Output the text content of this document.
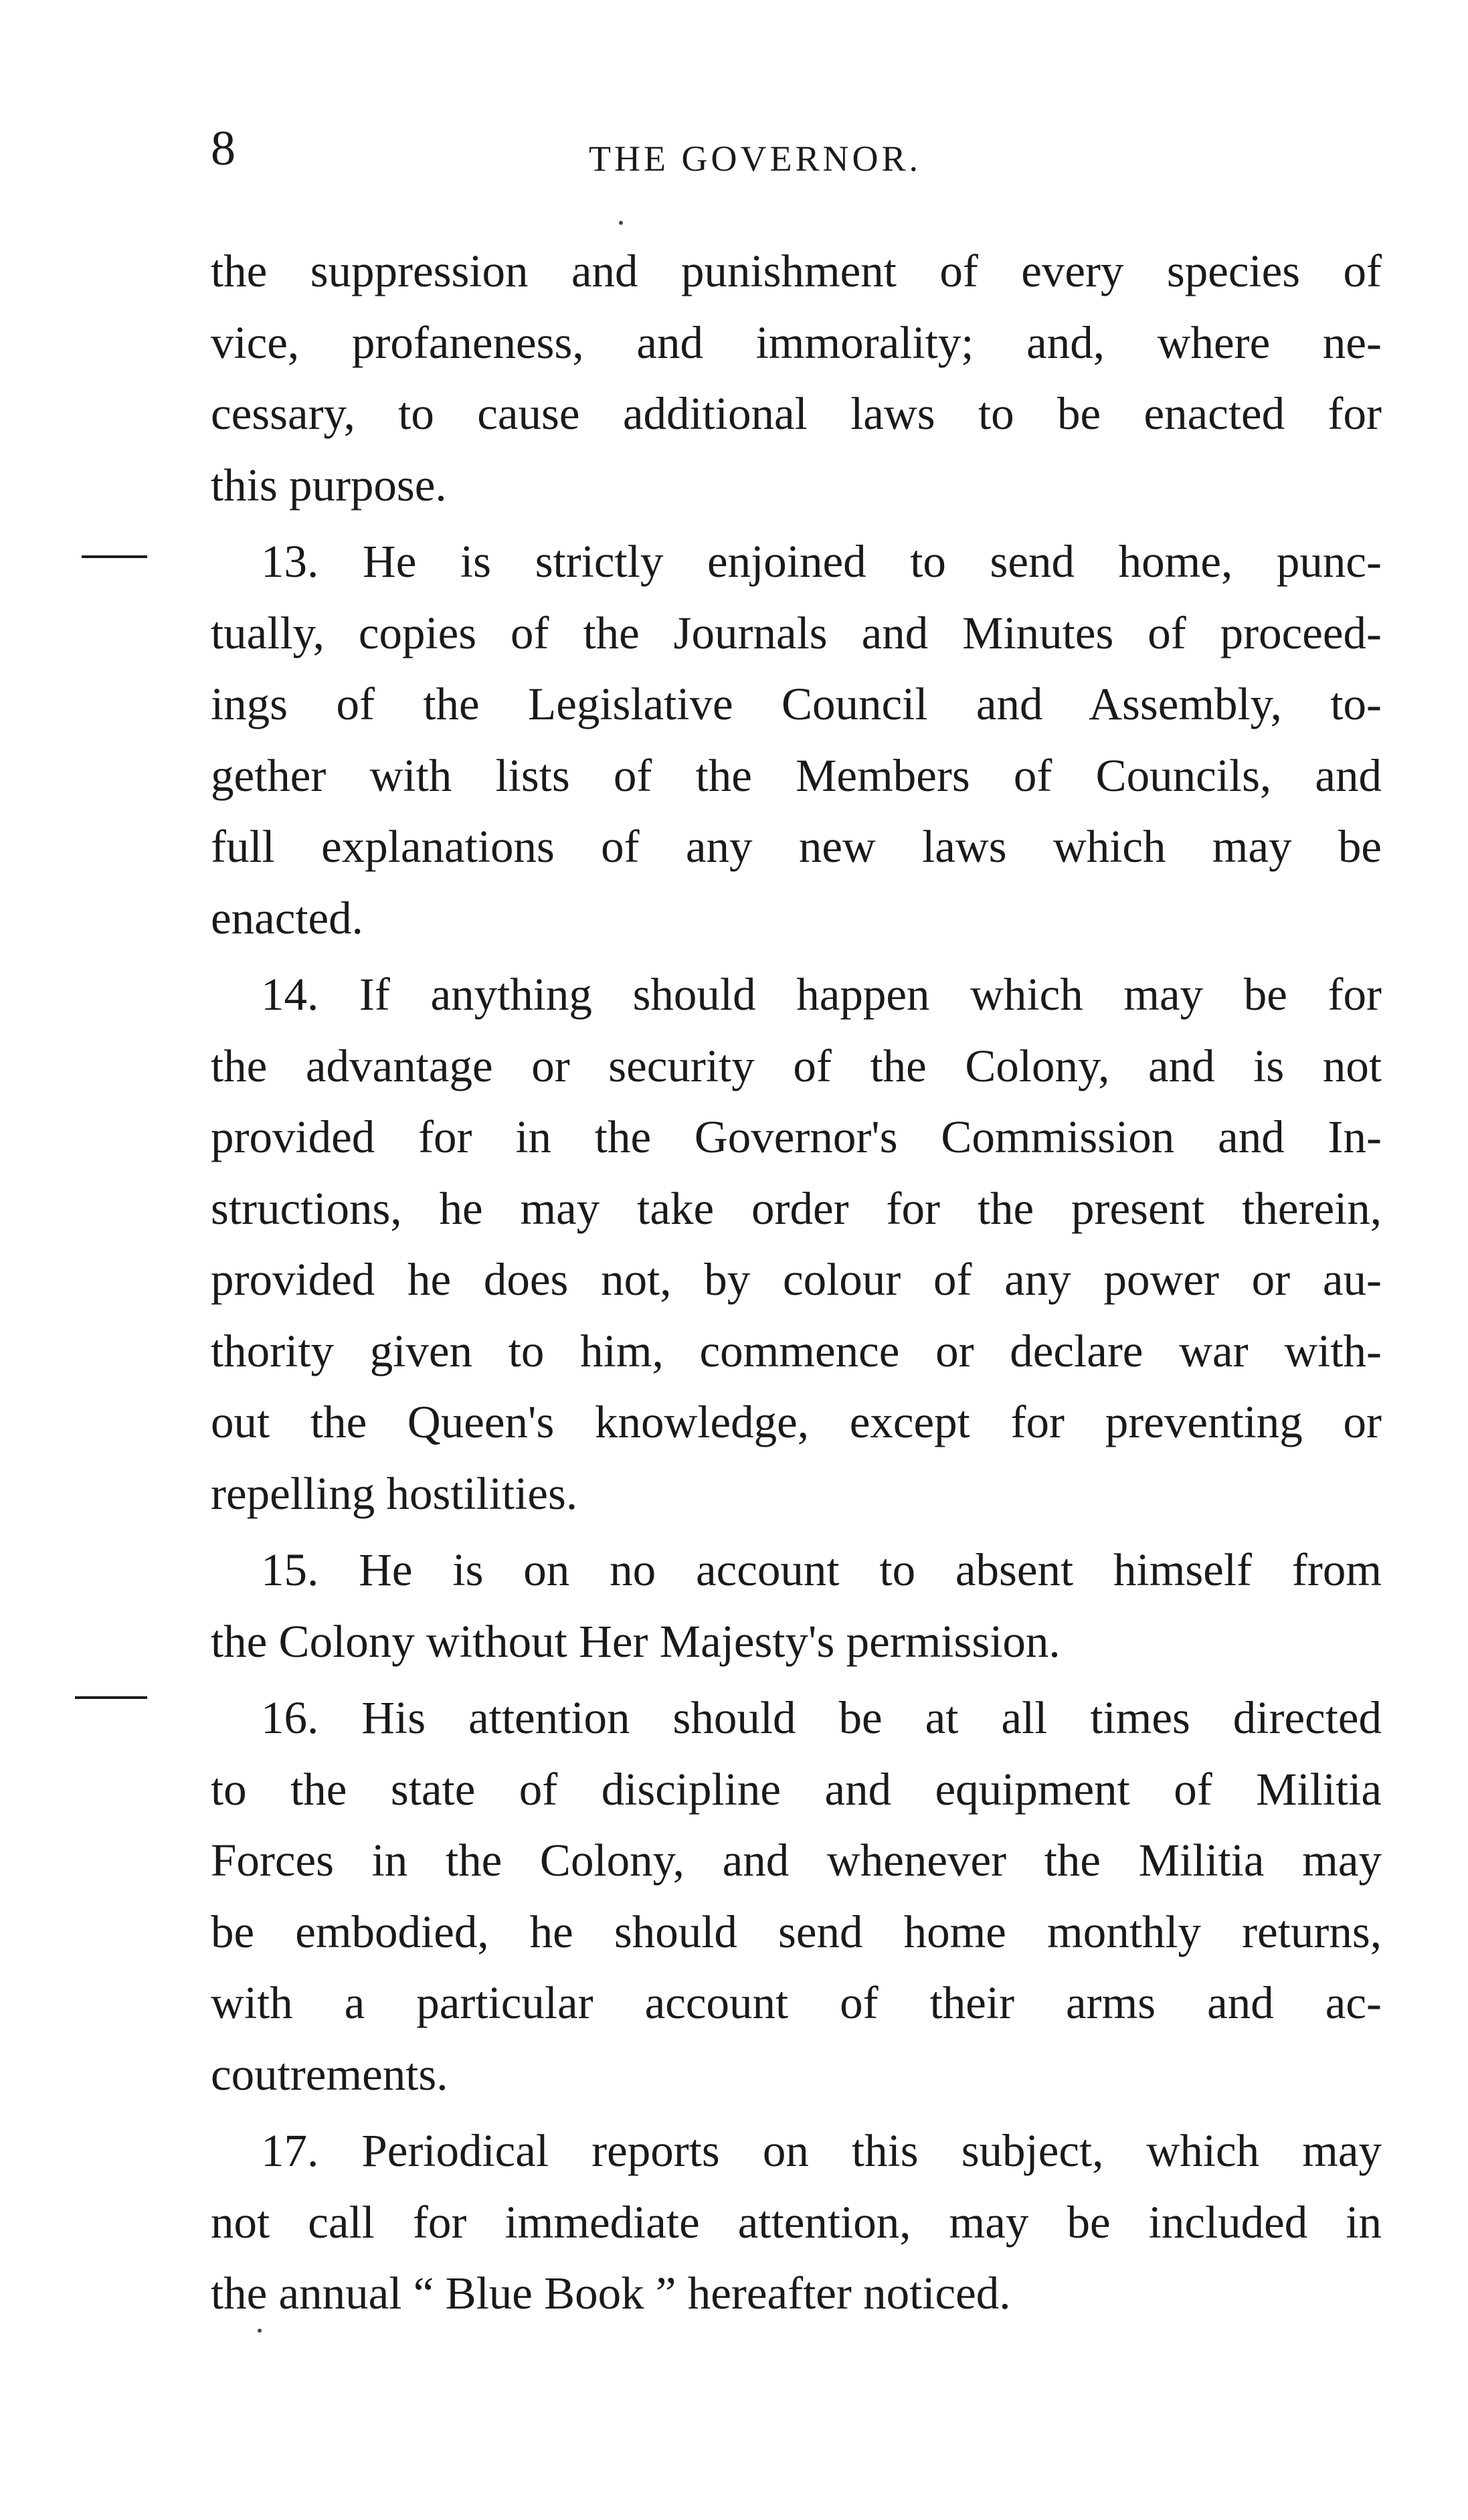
8	THE GOVERNOR.
the suppression and punishment of every species of
vice, profaneness, and immorality; and, where ne-
cessary, to cause additional laws to be enacted for
this purpose.
13. He is strictly enjoined to send home, punc-
tually, copies of the Journals and Minutes of proceed-
ings of the Legislative Council and Assembly, to-
gether with lists of the Members of Councils, and
full explanations of any new laws which may be
enacted.
14. If anything should happen which may be for
the advantage or security of the Colony, and is not
provided for in the Governor's Commission and In-
structions, he may take order for the present therein,
provided he does not, by colour of any power or au-
thority given to him, commence or declare war with-
out the Queen's knowledge, except for preventing or
repelling hostilities.
15. He is on no account to absent himself from
the Colony without Her Majesty's permission.
16. His attention should be at all times directed
to the state of discipline and equipment of Militia
Forces in the Colony, and whenever the Militia may
be embodied, he should send home monthly returns,
with a particular account of their arms and ac-
coutrements.
17. Periodical reports on this subject, which may
not call for immediate attention, may be included in
the annual “ Blue Book ” hereafter noticed.
